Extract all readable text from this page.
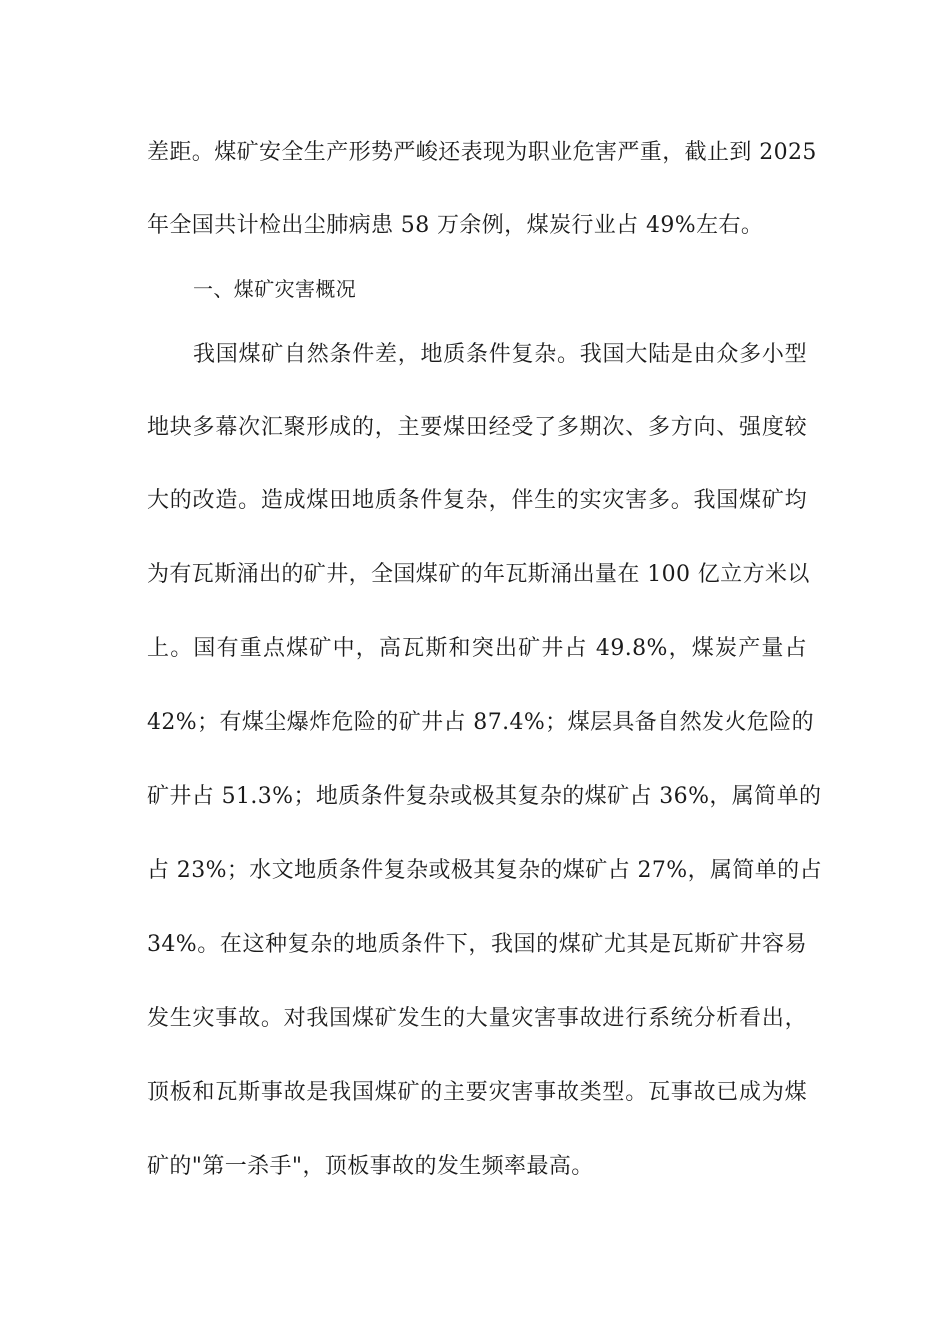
差距。煤矿安全生产形势严峻还表现为职业危害严重，截止到 2025
年全国共计检出尘肺病患 58 万余例，煤炭行业占 49%左右。
一、煤矿灾害概况
我国煤矿自然条件差，地质条件复杂。我国大陆是由众多小型
地块多幕次汇聚形成的，主要煤田经受了多期次、多方向、强度较
大的改造。造成煤田地质条件复杂，伴生的实灾害多。我国煤矿均
为有瓦斯涌出的矿井，全国煤矿的年瓦斯涌出量在 100 亿立方米以
上。国有重点煤矿中，高瓦斯和突出矿井占 49.8%，煤炭产量占
42%；有煤尘爆炸危险的矿井占 87.4%；煤层具备自然发火危险的
矿井占 51.3%；地质条件复杂或极其复杂的煤矿占 36%，属简单的
占 23%；水文地质条件复杂或极其复杂的煤矿占 27%，属简单的占
34%。在这种复杂的地质条件下，我国的煤矿尤其是瓦斯矿井容易
发生灾事故。对我国煤矿发生的大量灾害事故进行系统分析看出，
顶板和瓦斯事故是我国煤矿的主要灾害事故类型。瓦事故已成为煤
矿的"第一杀手"，顶板事故的发生频率最高。
